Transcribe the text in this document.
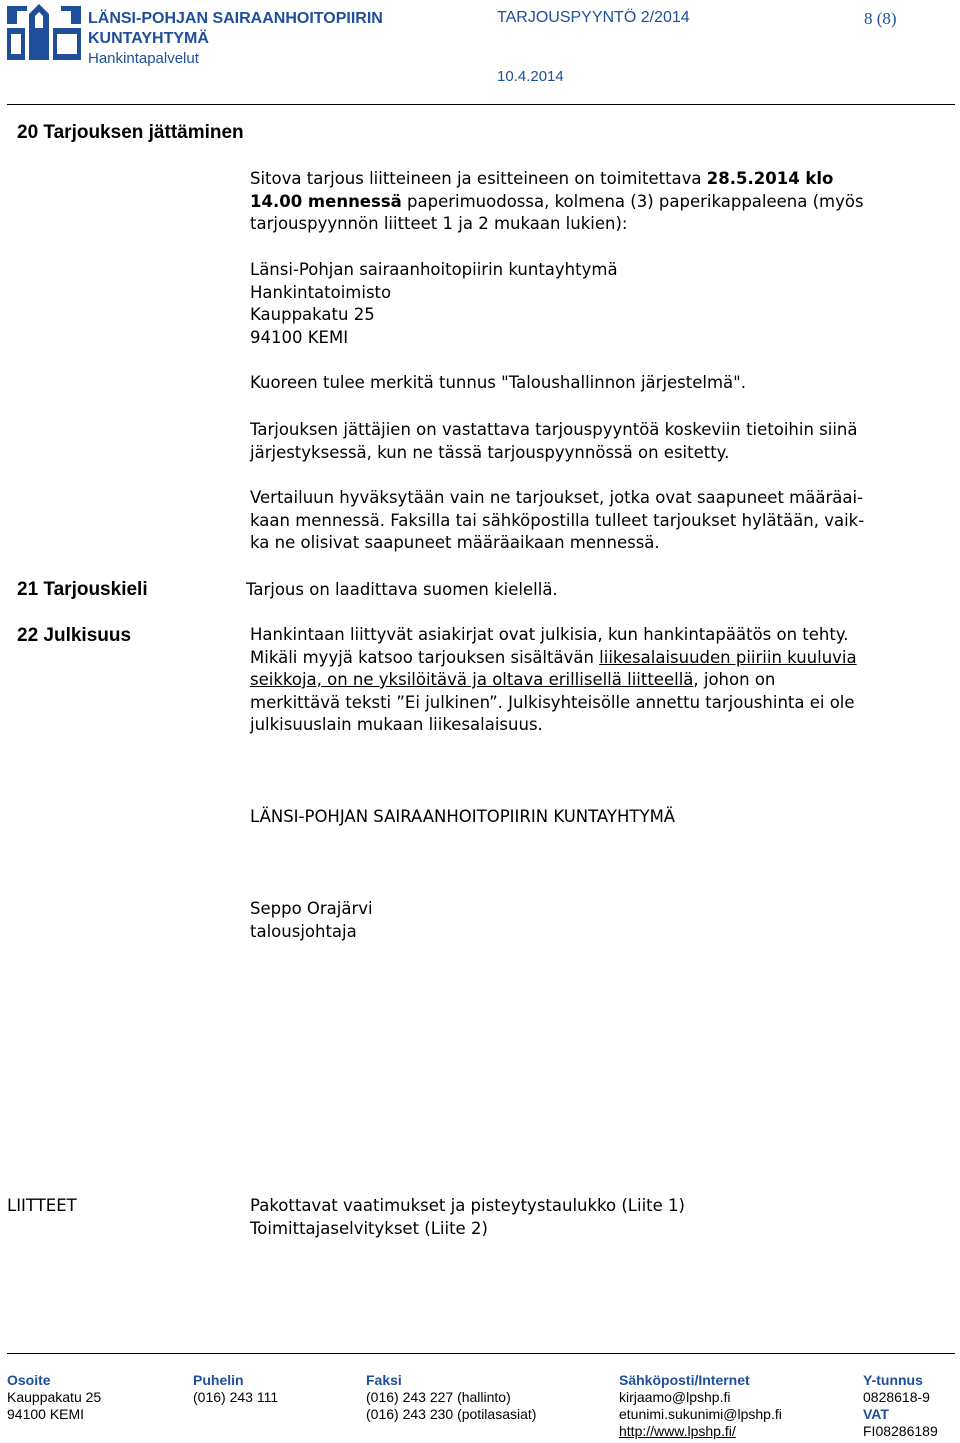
LÄNSI-POHJAN SAIRAANHOITOPIIRIN
KUNTAYHTYMÄ
Hankintapalvelut
TARJOUSPYYNTÖ 2/2014
10.4.2014
8 (8)
20 Tarjouksen jättäminen
Sitova tarjous liitteineen ja esitteineen on toimitettava 28.5.2014 klo
14.00 mennessä paperimuodossa, kolmena (3) paperikappaleena (myös
tarjouspyynnön liitteet 1 ja 2 mukaan lukien):
Länsi-Pohjan sairaanhoitopiirin kuntayhtymä
Hankintatoimisto
Kauppakatu 25
94100 KEMI
Kuoreen tulee merkitä tunnus "Taloushallinnon järjestelmä".
Tarjouksen jättäjien on vastattava tarjouspyyntöä koskeviin tietoihin siinä
järjestyksessä, kun ne tässä tarjouspyynnössä on esitetty.
Vertailuun hyväksytään vain ne tarjoukset, jotka ovat saapuneet määräai-
kaan mennessä. Faksilla tai sähköpostilla tulleet tarjoukset hylätään, vaik-
ka ne olisivat saapuneet määräaikaan mennessä.
21 Tarjouskieli	Tarjous on laadittava suomen kielellä.
22 Julkisuus	Hankintaan liittyvät asiakirjat ovat julkisia, kun hankintapäätös on tehty.
Mikäli myyjä katsoo tarjouksen sisältävän liikesalaisuuden piiriin kuuluvia
seikkoja, on ne yksilöitävä ja oltava erillisellä liitteellä, johon on
merkittävä teksti ”Ei julkinen”. Julkisyhteisölle annettu tarjoushinta ei ole
julkisuuslain mukaan liikesalaisuus.
LÄNSI-POHJAN SAIRAANHOITOPIIRIN KUNTAYHTYMÄ
Seppo Orajärvi
talousjohtaja
LIITTEET	Pakottavat vaatimukset ja pisteytystaulukko (Liite 1)
Toimittajaselvitykset (Liite 2)
Osoite
Kauppakatu 25
94100 KEMI
Puhelin
(016) 243 111
Faksi
(016) 243 227 (hallinto)
(016) 243 230 (potilasasiat)
Sähköposti/Internet
kirjaamo@lpshp.fi
etunimi.sukunimi@lpshp.fi
http://www.lpshp.fi/
Y-tunnus
0828618-9
VAT
FI08286189
